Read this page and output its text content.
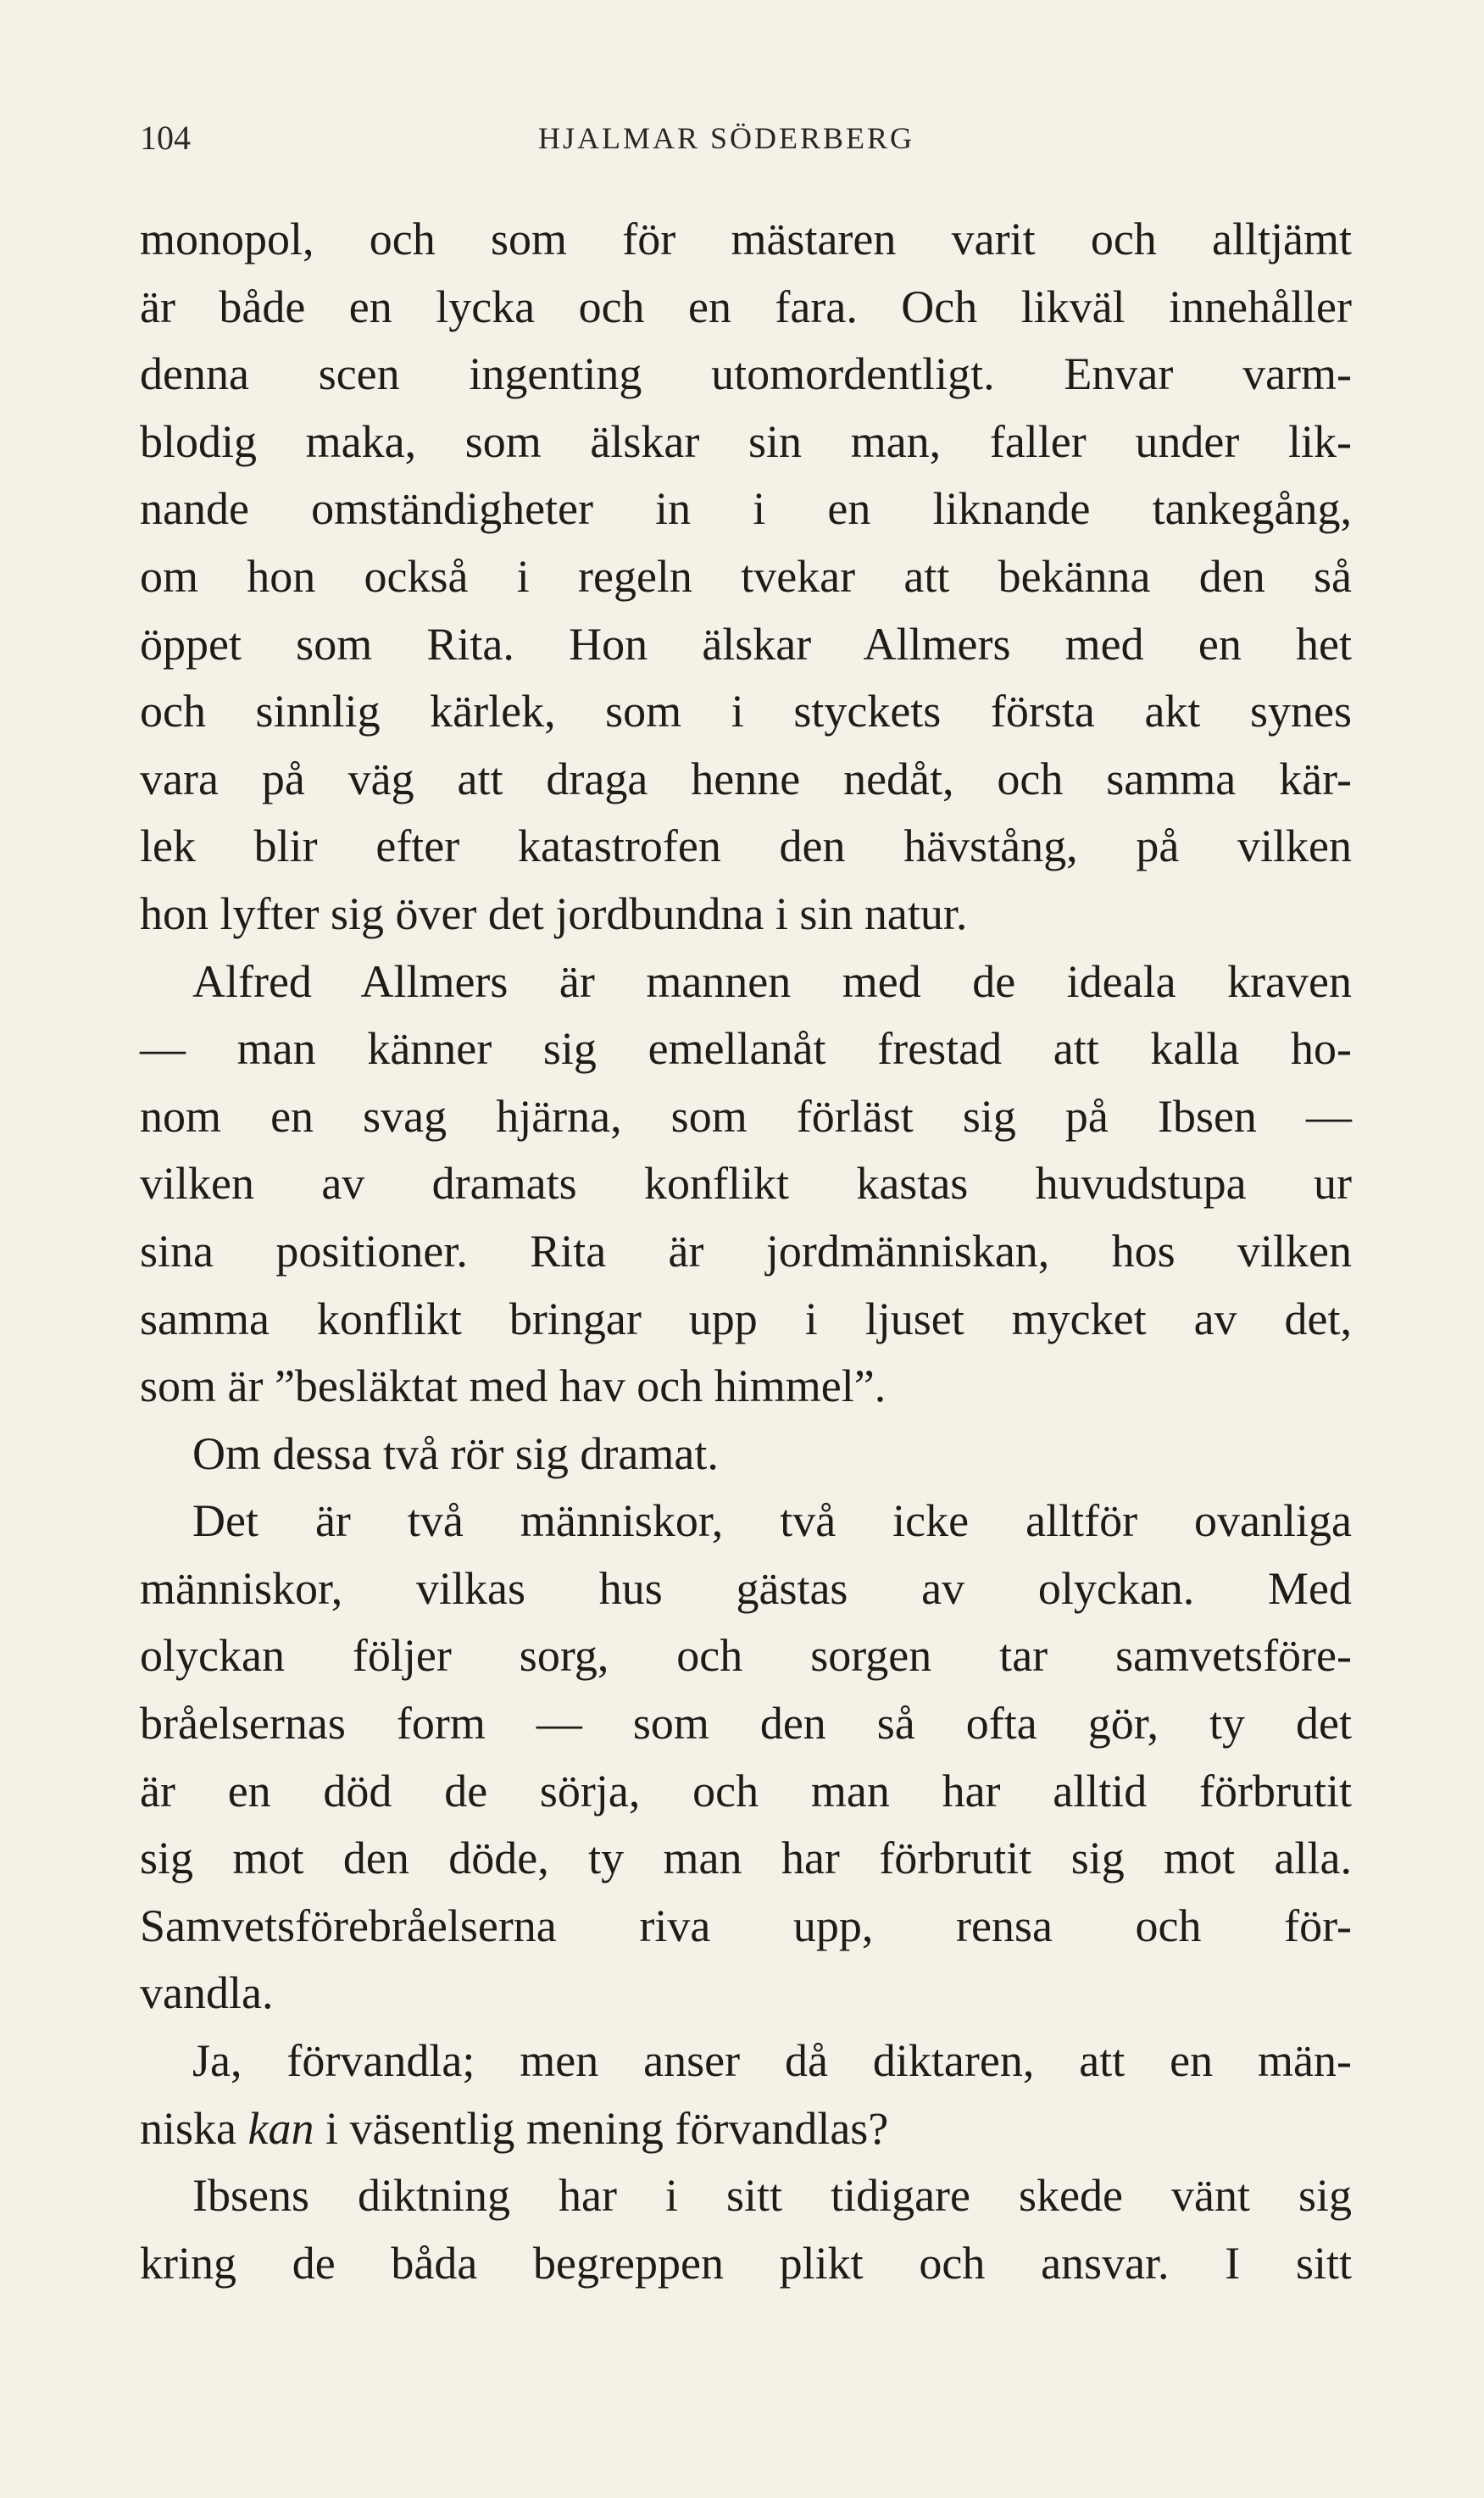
104	HJALMAR SÖDERBERG
monopol, och som för mästaren varit och alltjämt
är både en lycka och en fara. Och likväl innehåller
denna scen ingenting utomordentligt. Envar varm-
blodig maka, som älskar sin man, faller under lik-
nande omständigheter in i en liknande tankegång,
om hon också i regeln tvekar att bekänna den så
öppet som Rita. Hon älskar Allmers med en het
och sinnlig kärlek, som i styckets första akt synes
vara på väg att draga henne nedåt, och samma kär-
lek blir efter katastrofen den hävstång, på vilken
hon lyfter sig över det jordbundna i sin natur.
Alfred Allmers är mannen med de ideala kraven
— man känner sig emellanåt frestad att kalla ho-
nom en svag hjärna, som förläst sig på Ibsen —
vilken av dramats konflikt kastas huvudstupa ur
sina positioner. Rita är jordmänniskan, hos vilken
samma konflikt bringar upp i ljuset mycket av det,
som är ”besläktat med hav och himmel”.
Om dessa två rör sig dramat.
Det är två människor, två icke alltför ovanliga
människor, vilkas hus gästas av olyckan. Med
olyckan följer sorg, och sorgen tar samvetsföre-
bråelsernas form — som den så ofta gör, ty det
är en död de sörja, och man har alltid förbrutit
sig mot den döde, ty man har förbrutit sig mot alla.
Samvetsförebråelserna riva upp, rensa och för-
vandla.
Ja, förvandla; men anser då diktaren, att en män-
niska kan i väsentlig mening förvandlas?
Ibsens diktning har i sitt tidigare skede vänt sig
kring de båda begreppen plikt och ansvar. I sitt
